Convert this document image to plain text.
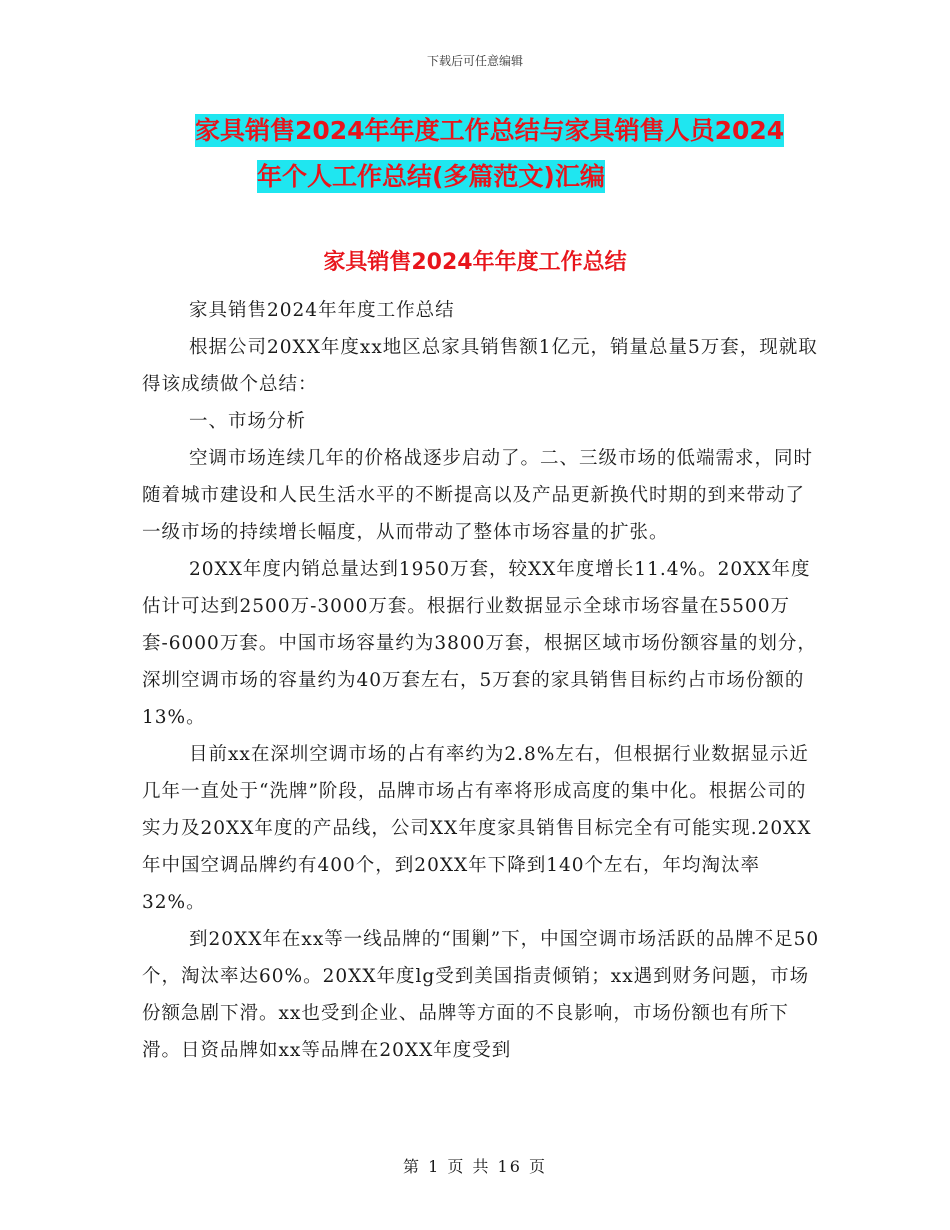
下载后可任意编辑
家具销售2024年年度工作总结与家具销售人员2024
年个人工作总结(多篇范文)汇编
家具销售2024年年度工作总结

家具销售2024年年度工作总结

根据公司20XX年度xx地区总家具销售额1亿元，销量总量5万套，现就取得该成绩做个总结：

一、市场分析

空调市场连续几年的价格战逐步启动了。二、三级市场的低端需求，同时随着城市建设和人民生活水平的不断提高以及产品更新换代时期的到来带动了一级市场的持续增长幅度，从而带动了整体市场容量的扩张。

20XX年度内销总量达到1950万套，较XX年度增长11.4%。20XX年度估计可达到2500万-3000万套。根据行业数据显示全球市场容量在5500万套-6000万套。中国市场容量约为3800万套，根据区域市场份额容量的划分，深圳空调市场的容量约为40万套左右，5万套的家具销售目标约占市场份额的13%。

目前xx在深圳空调市场的占有率约为2.8%左右，但根据行业数据显示近几年一直处于“洗牌”阶段，品牌市场占有率将形成高度的集中化。根据公司的实力及20XX年度的产品线，公司XX年度家具销售目标完全有可能实现.20XX年中国空调品牌约有400个，到20XX年下降到140个左右，年均淘汰率32%。

到20XX年在xx等一线品牌的“围剿”下，中国空调市场活跃的品牌不足50个，淘汰率达60%。20XX年度lg受到美国指责倾销；xx遇到财务问题，市场份额急剧下滑。xx也受到企业、品牌等方面的不良影响，市场份额也有所下滑。日资品牌如xx等品牌在20XX年度受到

第 1 页 共 16 页
